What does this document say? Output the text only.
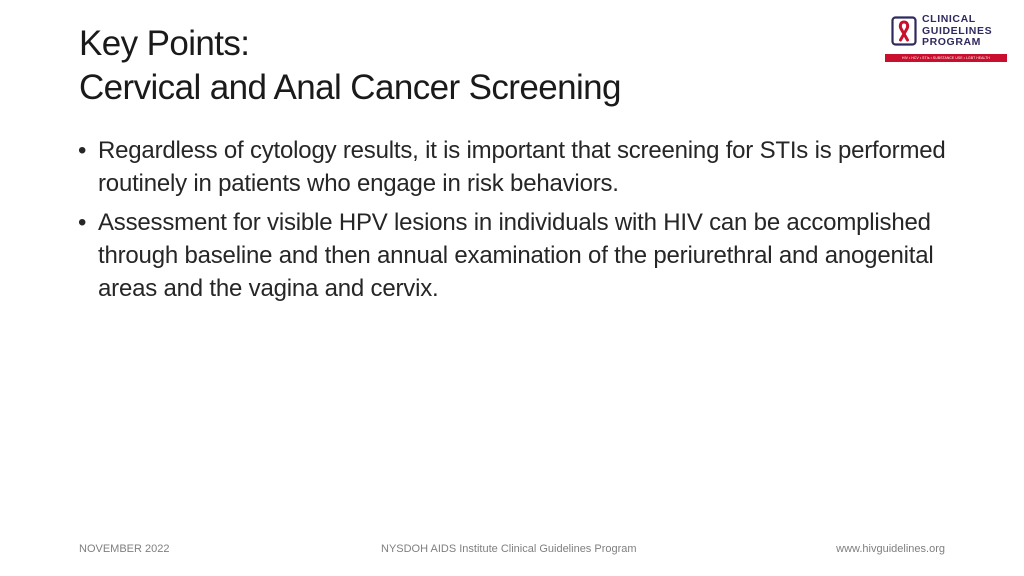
Key Points:
Cervical and Anal Cancer Screening
CLINICAL
GUIDELINES
PROGRAM
HIV • HCV • STIs • SUBSTANCE USE • LGBT HEALTH
• Regardless of cytology results, it is important that screening for STIs is performed routinely in patients who engage in risk behaviors.
• Assessment for visible HPV lesions in individuals with HIV can be accomplished through baseline and then annual examination of the periurethral and anogenital areas and the vagina and cervix.
NOVEMBER 2022	NYSDOH AIDS Institute Clinical Guidelines Program	www.hivguidelines.org
